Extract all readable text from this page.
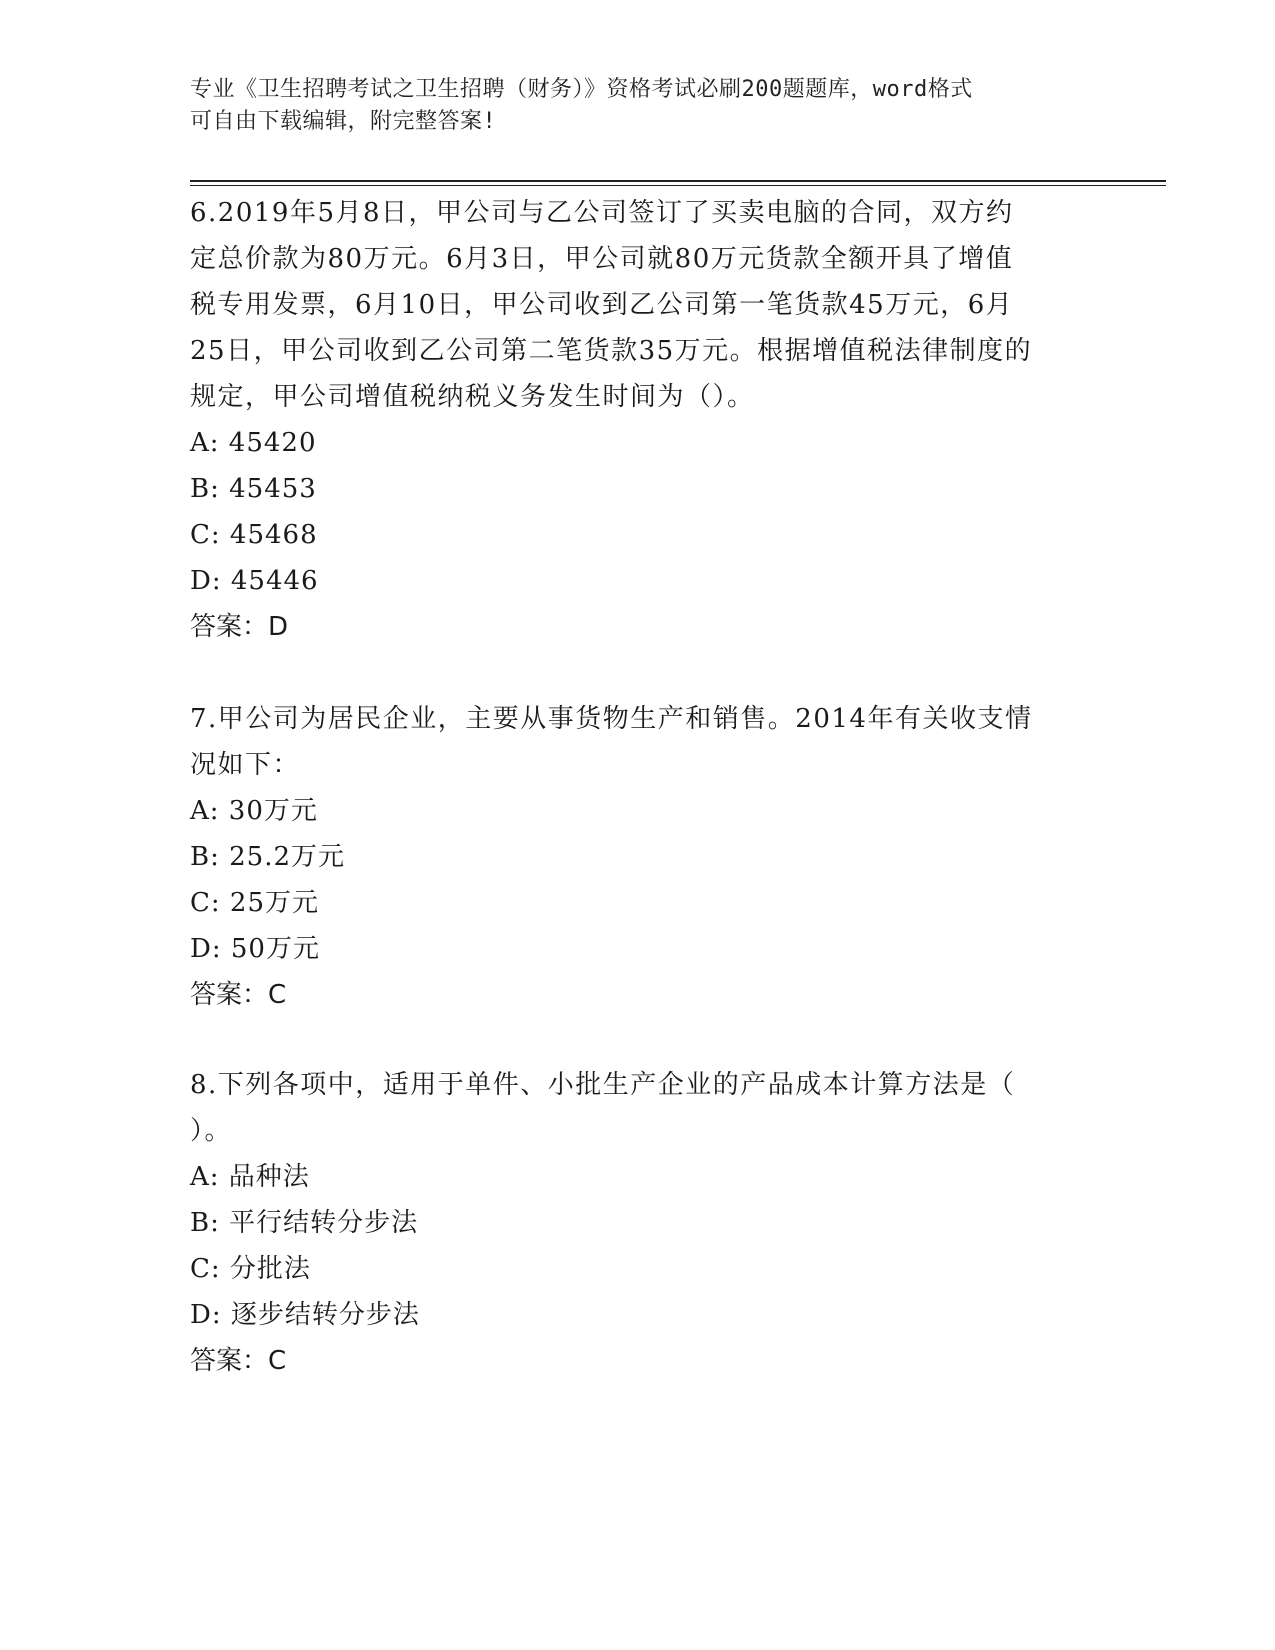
专业《卫生招聘考试之卫生招聘（财务）》资格考试必刷200题题库，word格式
可自由下载编辑，附完整答案!
6.2019年5月8日，甲公司与乙公司签订了买卖电脑的合同，双方约
定总价款为80万元。6月3日，甲公司就80万元货款全额开具了增值
税专用发票，6月10日，甲公司收到乙公司第一笔货款45万元，6月
25日，甲公司收到乙公司第二笔货款35万元。根据增值税法律制度的
规定，甲公司增值税纳税义务发生时间为（）。
A: 45420
B: 45453
C: 45468
D: 45446
答案：D
7.甲公司为居民企业，主要从事货物生产和销售。2014年有关收支情
况如下：
A: 30万元
B: 25.2万元
C: 25万元
D: 50万元
答案：C
8.下列各项中，适用于单件、小批生产企业的产品成本计算方法是（
）。
A: 品种法
B: 平行结转分步法
C: 分批法
D: 逐步结转分步法
答案：C
